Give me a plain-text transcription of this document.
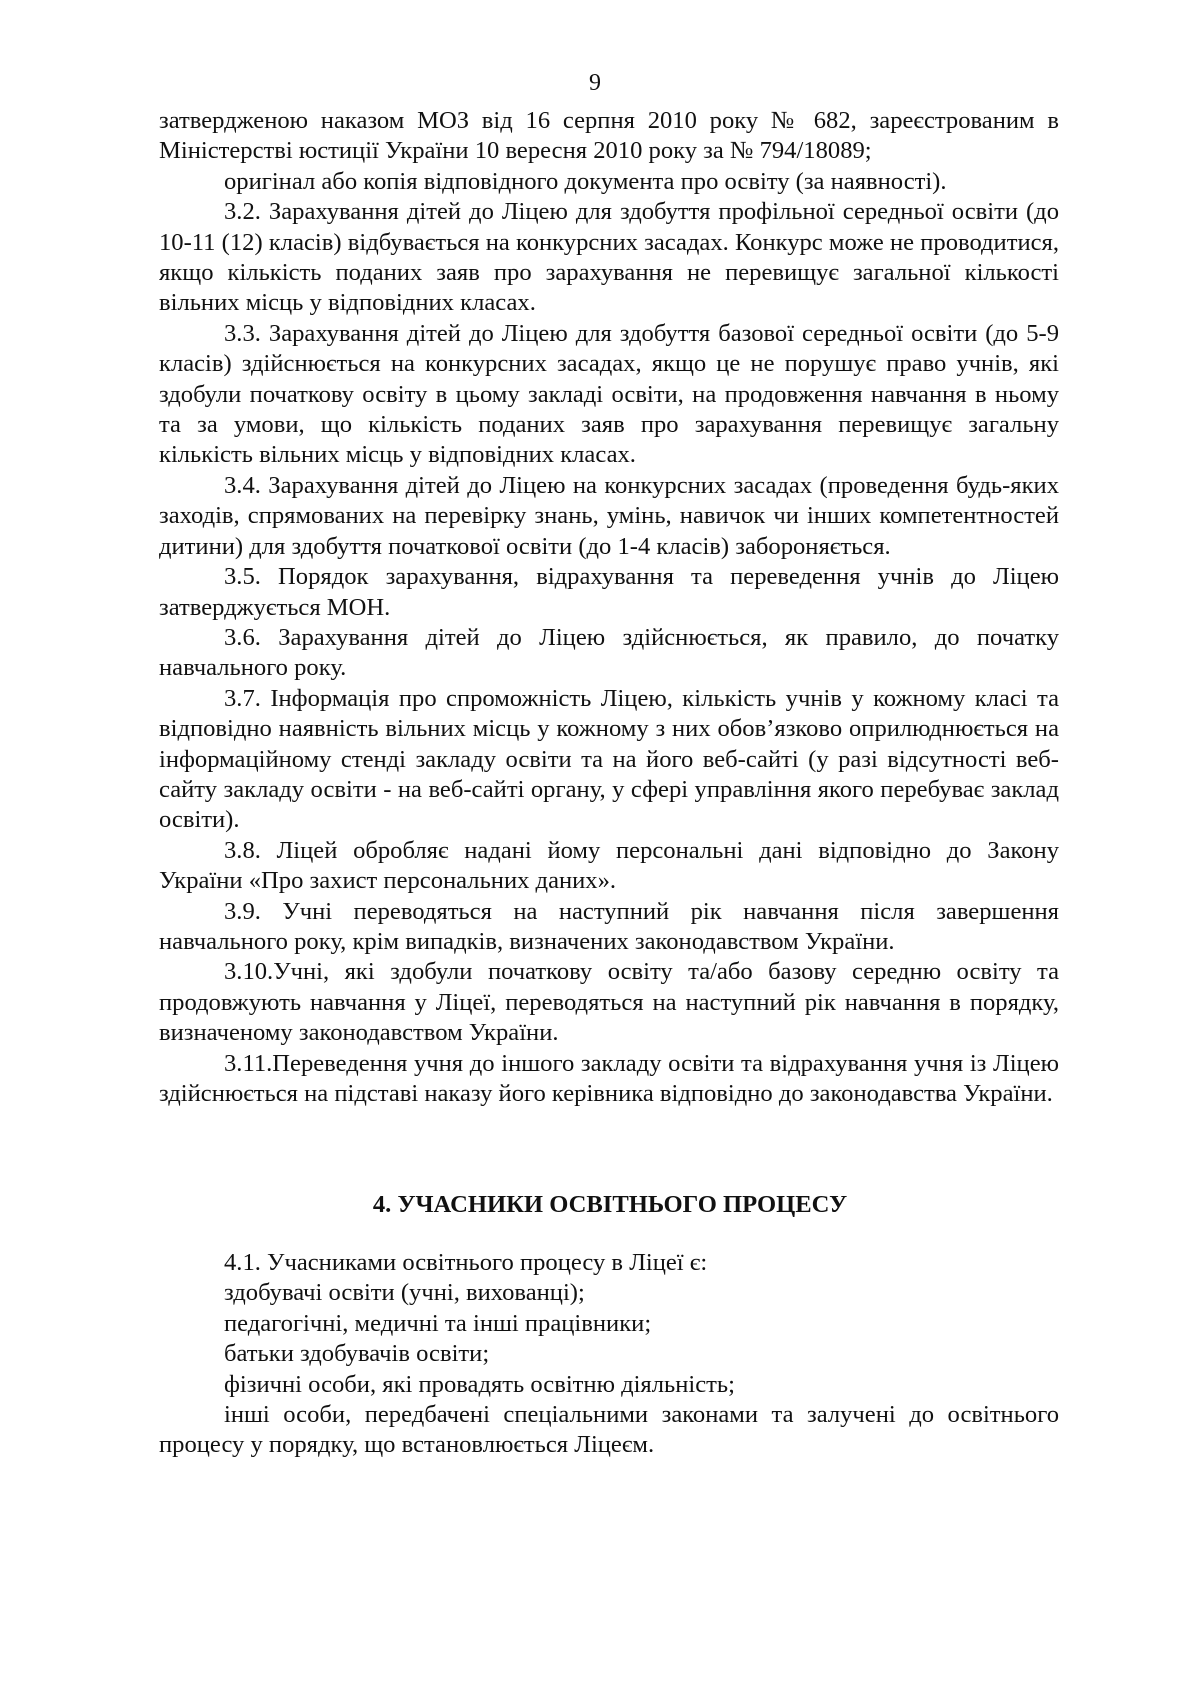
9

затвердженою наказом МОЗ від 16 серпня 2010 року № 682, зареєстрованим в Міністерстві юстиції України 10 вересня 2010 року за № 794/18089;

оригінал або копія відповідного документа про освіту (за наявності).

3.2. Зарахування дітей до Ліцею для здобуття профільної середньої освіти (до 10-11 (12) класів) відбувається на конкурсних засадах. Конкурс може не проводитися, якщо кількість поданих заяв про зарахування не перевищує загальної кількості вільних місць у відповідних класах.

3.3. Зарахування дітей до Ліцею для здобуття базової середньої освіти (до 5-9 класів) здійснюється на конкурсних засадах, якщо це не порушує право учнів, які здобули початкову освіту в цьому закладі освіти, на продовження навчання в ньому та за умови, що кількість поданих заяв про зарахування перевищує загальну кількість вільних місць у відповідних класах.

3.4. Зарахування дітей до Ліцею на конкурсних засадах (проведення будь-яких заходів, спрямованих на перевірку знань, умінь, навичок чи інших компетентностей дитини) для здобуття початкової освіти (до 1-4 класів) забороняється.

3.5. Порядок зарахування, відрахування та переведення учнів до Ліцею затверджується МОН.

3.6. Зарахування дітей до Ліцею здійснюється, як правило, до початку навчального року.

3.7. Інформація про спроможність Ліцею, кількість учнів у кожному класі та відповідно наявність вільних місць у кожному з них обов’язково оприлюднюється на інформаційному стенді закладу освіти та на його веб-сайті (у разі відсутності веб-сайту закладу освіти - на веб-сайті органу, у сфері управління якого перебуває заклад освіти).

3.8. Ліцей обробляє надані йому персональні дані відповідно до Закону України «Про захист персональних даних».

3.9. Учні переводяться на наступний рік навчання після завершення навчального року, крім випадків, визначених законодавством України.

3.10.Учні, які здобули початкову освіту та/або базову середню освіту та продовжують навчання у Ліцеї, переводяться на наступний рік навчання в порядку, визначеному законодавством України.

3.11.Переведення учня до іншого закладу освіти та відрахування учня із Ліцею здійснюється на підставі наказу його керівника відповідно до законодавства України.

4. УЧАСНИКИ ОСВІТНЬОГО ПРОЦЕСУ

4.1. Учасниками освітнього процесу в Ліцеї є:

здобувачі освіти (учні, вихованці);

педагогічні, медичні та інші працівники;

батьки здобувачів освіти;

фізичні особи, які провадять освітню діяльність;

інші особи, передбачені спеціальними законами та залучені до освітнього процесу у порядку, що встановлюється Ліцеєм.
